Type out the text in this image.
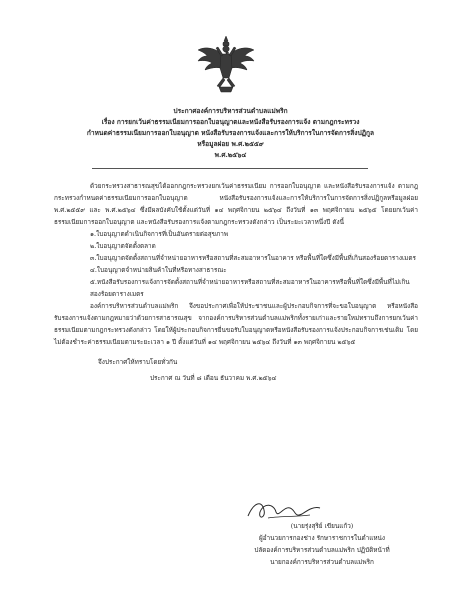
ประกาศองค์การบริหารส่วนตำบลแม่พริก
เรื่อง การยกเว้นค่าธรรมเนียมการออกใบอนุญาตและหนังสือรับรองการแจ้ง ตามกฎกระทรวง
กำหนดค่าธรรมเนียมการออกใบอนุญาต หนังสือรับรองการแจ้งและการให้บริการในการจัดการสิ่งปฏิกูล
หรือมูลฝอย พ.ศ.๒๕๕๙
พ.ศ.๒๕๖๔

ด้วยกระทรวงสาธารณสุขได้ออกกฎกระทรวงยกเว้นค่าธรรมเนียม การออกใบอนุญาต และหนังสือรับรองการแจ้ง ตามกฎกระทรวงกำหนดค่าธรรมเนียมการออกใบอนุญาต หนังสือรับรองการแจ้งและการให้บริการในการจัดการสิ่งปฏิกูลหรือมูลฝอย พ.ศ.๒๕๕๙ และ พ.ศ.๒๕๖๔ ซึ่งมีผลบังคับใช้ตั้งแต่วันที่ ๑๔ พฤศจิกายน ๒๕๖๔ ถึงวันที่ ๑๓ พฤศจิกายน ๒๕๖๕ โดยยกเว้นค่าธรรมเนียมการออกใบอนุญาต และหนังสือรับรองการแจ้งตามกฎกระทรวงดังกล่าว เป็นระยะเวลาหนึ่งปี ดังนี้

๑.ใบอนุญาตดำเนินกิจการที่เป็นอันตรายต่อสุขภาพ

๒.ใบอนุญาตจัดตั้งตลาด

๓.ใบอนุญาตจัดตั้งสถานที่จำหน่ายอาหารหรือสถานที่สะสมอาหารในอาคาร หรือพื้นที่ใดซึ่งมีพื้นที่เกินสองร้อยตารางเมตร

๔.ใบอนุญาตจำหน่ายสินค้าในที่หรือทางสาธารณะ

๕.หนังสือรับรองการแจ้งการจัดตั้งสถานที่จำหน่ายอาหารหรือสถานที่สะสมอาหารในอาคารหรือพื้นที่ใดซึ่งมีพื้นที่ไม่เกินสองร้อยตารางเมตร

องค์การบริหารส่วนตำบลแม่พริก จึงขอประกาศเพื่อให้ประชาชนและผู้ประกอบกิจการที่จะขอใบอนุญาต หรือหนังสือรับรองการแจ้งตามกฎหมายว่าด้วยการสาธารณสุข จากองค์การบริหารส่วนตำบลแม่พริกทั้งรายเก่าและรายใหม่ทราบถึงการยกเว้นค่าธรรมเนียมตามกฎกระทรวงดังกล่าว โดยให้ผู้ประกอบกิจการยื่นขอรับใบอนุญาตหรือหนังสือรับรองการแจ้งประกอบกิจการเช่นเดิม โดยไม่ต้องชำระค่าธรรมเนียมตามระยะเวลา ๑ ปี ตั้งแต่วันที่ ๑๔ พฤศจิกายน ๒๕๖๔ ถึงวันที่ ๑๓ พฤศจิกายน ๒๕๖๕

จึงประกาศให้ทราบโดยทั่วกัน

ประกาศ ณ วันที่ ๘ เดือน ธันวาคม พ.ศ.๒๕๖๔

(นายรุ่งสุริย์ เขียนแก้ว)
ผู้อำนวยการกองช่าง รักษาราชการในตำแหน่ง
ปลัดองค์การบริหารส่วนตำบลแม่พริก ปฏิบัติหน้าที่
นายกองค์การบริหารส่วนตำบลแม่พริก
